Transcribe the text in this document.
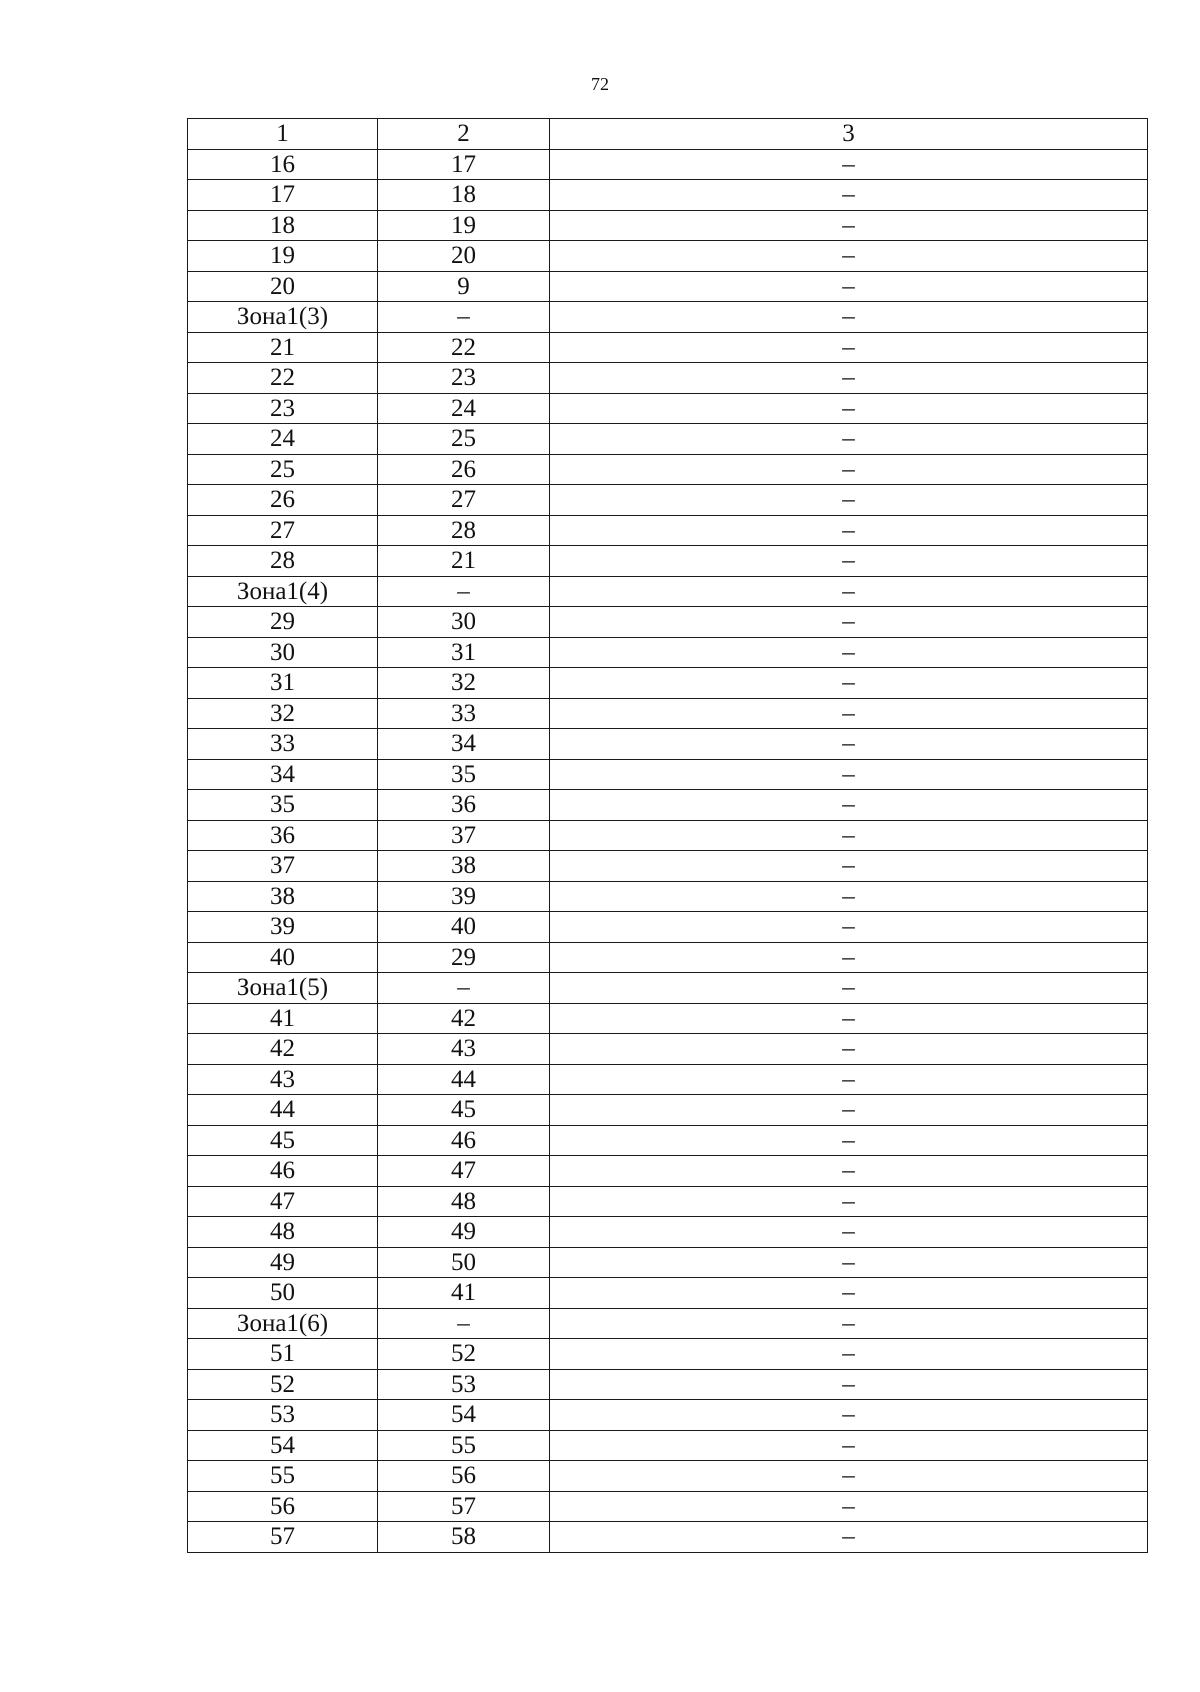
72
1	2	3
16	17	–
17	18	–
18	19	–
19	20	–
20	9	–
Зона1(3)	–	–
21	22	–
22	23	–
23	24	–
24	25	–
25	26	–
26	27	–
27	28	–
28	21	–
Зона1(4)	–	–
29	30	–
30	31	–
31	32	–
32	33	–
33	34	–
34	35	–
35	36	–
36	37	–
37	38	–
38	39	–
39	40	–
40	29	–
Зона1(5)	–	–
41	42	–
42	43	–
43	44	–
44	45	–
45	46	–
46	47	–
47	48	–
48	49	–
49	50	–
50	41	–
Зона1(6)	–	–
51	52	–
52	53	–
53	54	–
54	55	–
55	56	–
56	57	–
57	58	–
